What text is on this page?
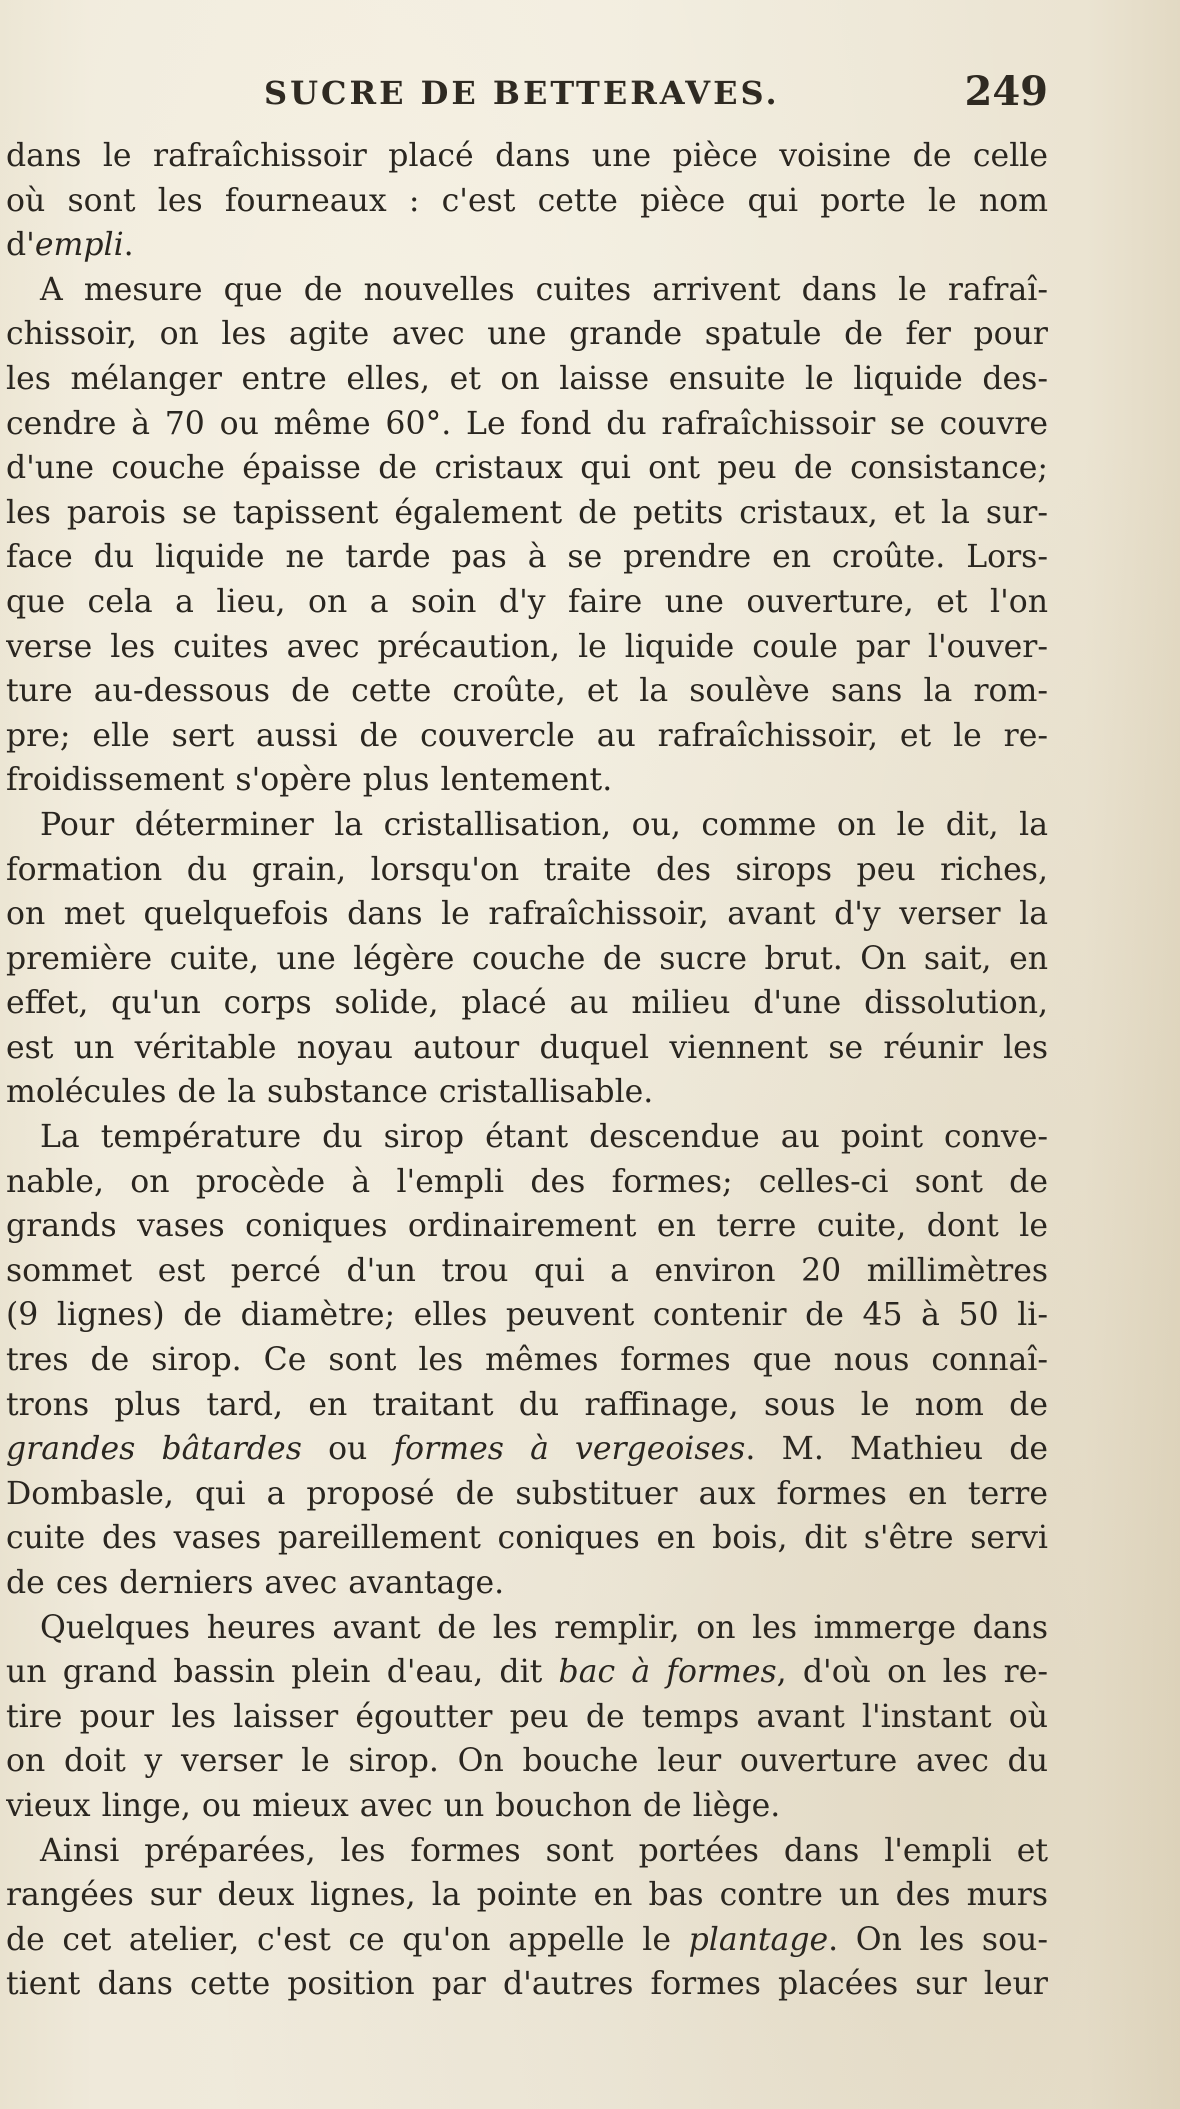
SUCRE DE BETTERAVES.	249
dans le rafraîchissoir placé dans une pièce voisine de celle
où sont les fourneaux : c'est cette pièce qui porte le nom
d'empli.
A mesure que de nouvelles cuites arrivent dans le rafraî-
chissoir, on les agite avec une grande spatule de fer pour
les mélanger entre elles, et on laisse ensuite le liquide des-
cendre à 70 ou même 60°. Le fond du rafraîchissoir se couvre
d'une couche épaisse de cristaux qui ont peu de consistance;
les parois se tapissent également de petits cristaux, et la sur-
face du liquide ne tarde pas à se prendre en croûte. Lors-
que cela a lieu, on a soin d'y faire une ouverture, et l'on
verse les cuites avec précaution, le liquide coule par l'ouver-
ture au-dessous de cette croûte, et la soulève sans la rom-
pre; elle sert aussi de couvercle au rafraîchissoir, et le re-
froidissement s'opère plus lentement.
Pour déterminer la cristallisation, ou, comme on le dit, la
formation du grain, lorsqu'on traite des sirops peu riches,
on met quelquefois dans le rafraîchissoir, avant d'y verser la
première cuite, une légère couche de sucre brut. On sait, en
effet, qu'un corps solide, placé au milieu d'une dissolution,
est un véritable noyau autour duquel viennent se réunir les
molécules de la substance cristallisable.
La température du sirop étant descendue au point conve-
nable, on procède à l'empli des formes; celles-ci sont de
grands vases coniques ordinairement en terre cuite, dont le
sommet est percé d'un trou qui a environ 20 millimètres
(9 lignes) de diamètre; elles peuvent contenir de 45 à 50 li-
tres de sirop. Ce sont les mêmes formes que nous connaî-
trons plus tard, en traitant du raffinage, sous le nom de
grandes bâtardes ou formes à vergeoises. M. Mathieu de
Dombasle, qui a proposé de substituer aux formes en terre
cuite des vases pareillement coniques en bois, dit s'être servi
de ces derniers avec avantage.
Quelques heures avant de les remplir, on les immerge dans
un grand bassin plein d'eau, dit bac à formes, d'où on les re-
tire pour les laisser égoutter peu de temps avant l'instant où
on doit y verser le sirop. On bouche leur ouverture avec du
vieux linge, ou mieux avec un bouchon de liège.
Ainsi préparées, les formes sont portées dans l'empli et
rangées sur deux lignes, la pointe en bas contre un des murs
de cet atelier, c'est ce qu'on appelle le plantage. On les sou-
tient dans cette position par d'autres formes placées sur leur
